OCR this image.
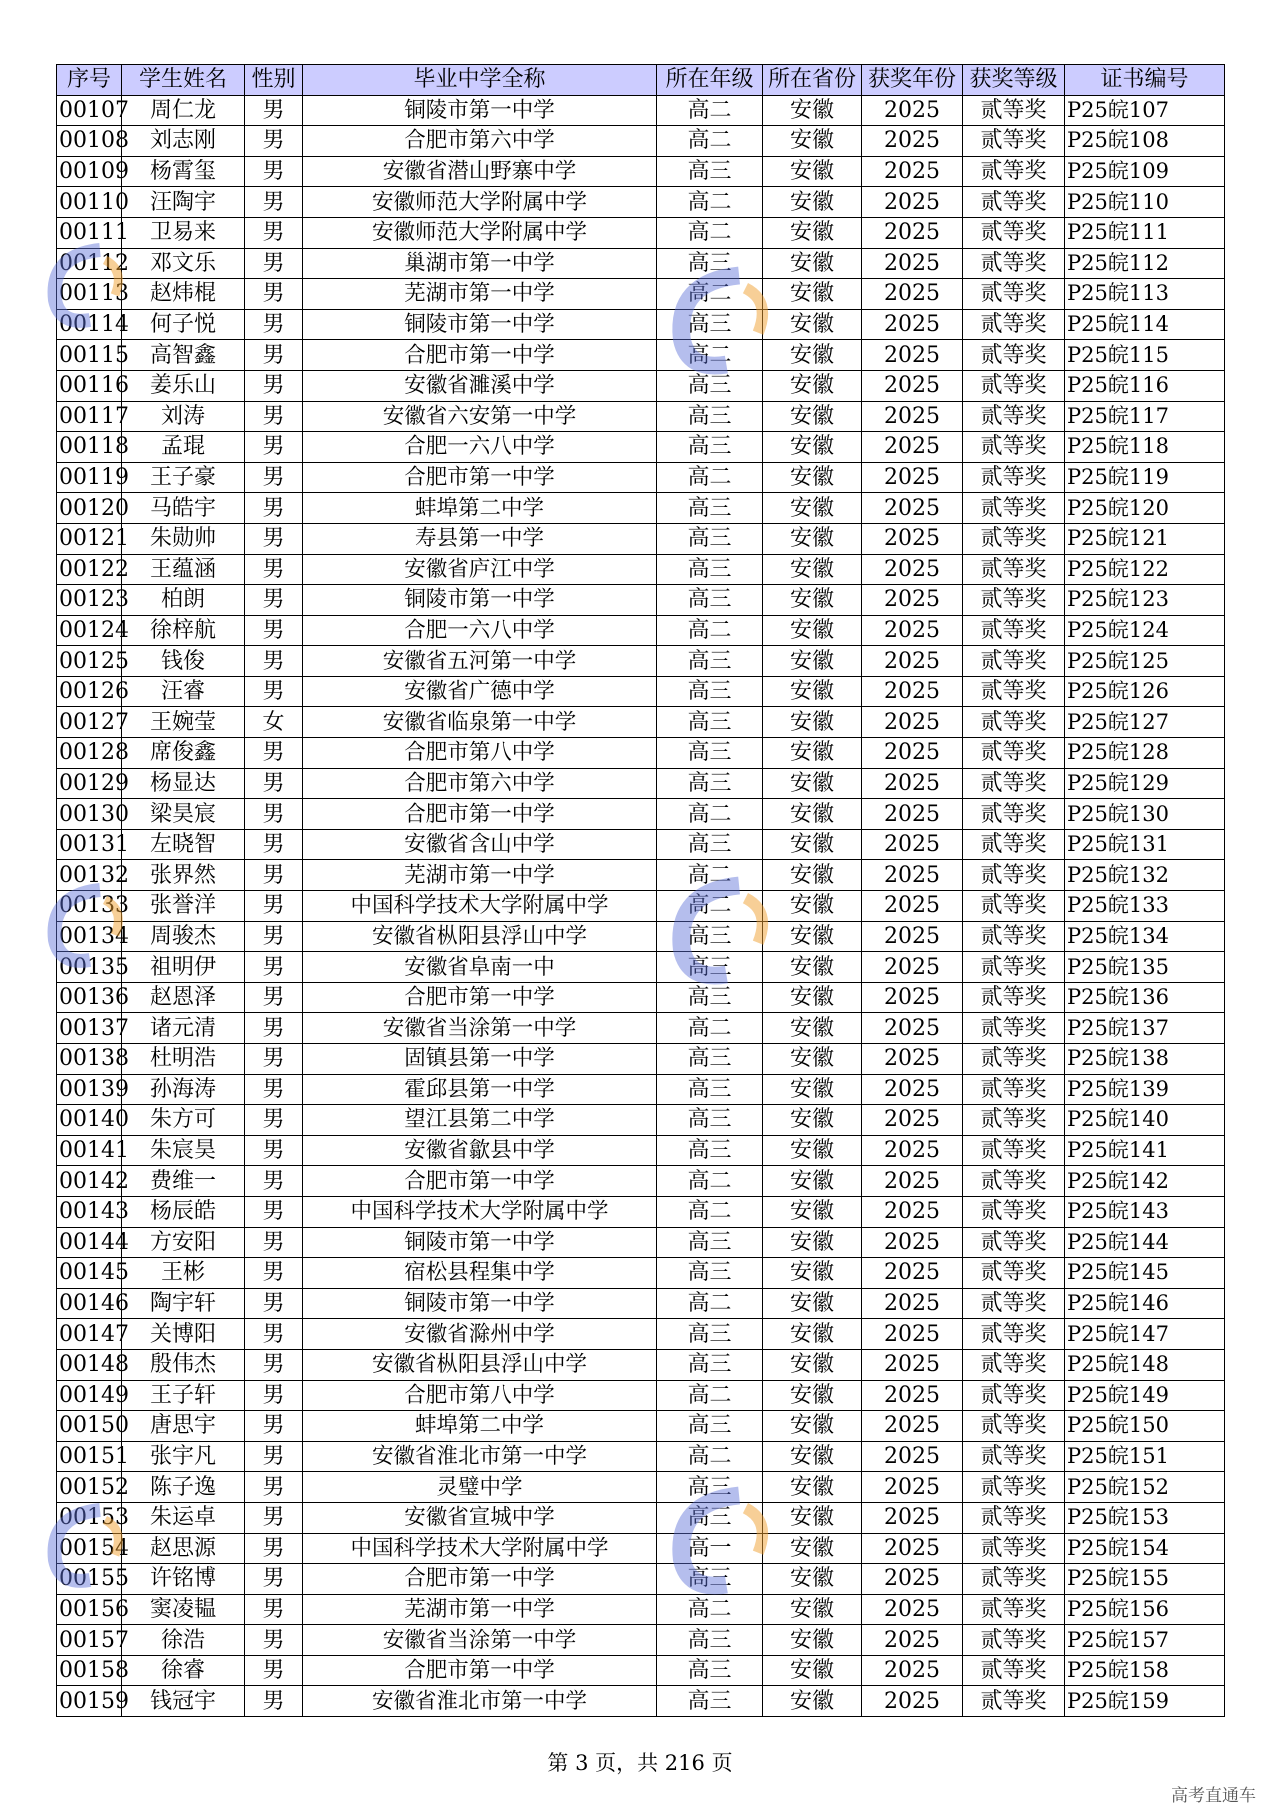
序号	学生姓名	性别	毕业中学全称	所在年级	所在省份	获奖年份	获奖等级	证书编号
00107	周仁龙	男	铜陵市第一中学	高二	安徽	2025	贰等奖	P25皖107
00108	刘志刚	男	合肥市第六中学	高二	安徽	2025	贰等奖	P25皖108
00109	杨霄玺	男	安徽省潜山野寨中学	高三	安徽	2025	贰等奖	P25皖109
00110	汪陶宇	男	安徽师范大学附属中学	高二	安徽	2025	贰等奖	P25皖110
00111	卫易来	男	安徽师范大学附属中学	高二	安徽	2025	贰等奖	P25皖111
00112	邓文乐	男	巢湖市第一中学	高三	安徽	2025	贰等奖	P25皖112
00113	赵炜棍	男	芜湖市第一中学	高二	安徽	2025	贰等奖	P25皖113
00114	何子悦	男	铜陵市第一中学	高三	安徽	2025	贰等奖	P25皖114
00115	高智鑫	男	合肥市第一中学	高二	安徽	2025	贰等奖	P25皖115
00116	姜乐山	男	安徽省濉溪中学	高三	安徽	2025	贰等奖	P25皖116
00117	刘涛	男	安徽省六安第一中学	高三	安徽	2025	贰等奖	P25皖117
00118	孟琨	男	合肥一六八中学	高三	安徽	2025	贰等奖	P25皖118
00119	王子豪	男	合肥市第一中学	高二	安徽	2025	贰等奖	P25皖119
00120	马皓宇	男	蚌埠第二中学	高三	安徽	2025	贰等奖	P25皖120
00121	朱勋帅	男	寿县第一中学	高三	安徽	2025	贰等奖	P25皖121
00122	王蕴涵	男	安徽省庐江中学	高三	安徽	2025	贰等奖	P25皖122
00123	柏朗	男	铜陵市第一中学	高三	安徽	2025	贰等奖	P25皖123
00124	徐梓航	男	合肥一六八中学	高二	安徽	2025	贰等奖	P25皖124
00125	钱俊	男	安徽省五河第一中学	高三	安徽	2025	贰等奖	P25皖125
00126	汪睿	男	安徽省广德中学	高三	安徽	2025	贰等奖	P25皖126
00127	王婉莹	女	安徽省临泉第一中学	高三	安徽	2025	贰等奖	P25皖127
00128	席俊鑫	男	合肥市第八中学	高三	安徽	2025	贰等奖	P25皖128
00129	杨显达	男	合肥市第六中学	高三	安徽	2025	贰等奖	P25皖129
00130	梁昊宸	男	合肥市第一中学	高二	安徽	2025	贰等奖	P25皖130
00131	左晓智	男	安徽省含山中学	高三	安徽	2025	贰等奖	P25皖131
00132	张界然	男	芜湖市第一中学	高二	安徽	2025	贰等奖	P25皖132
00133	张誉洋	男	中国科学技术大学附属中学	高二	安徽	2025	贰等奖	P25皖133
00134	周骏杰	男	安徽省枞阳县浮山中学	高三	安徽	2025	贰等奖	P25皖134
00135	祖明伊	男	安徽省阜南一中	高三	安徽	2025	贰等奖	P25皖135
00136	赵恩泽	男	合肥市第一中学	高三	安徽	2025	贰等奖	P25皖136
00137	诸元清	男	安徽省当涂第一中学	高二	安徽	2025	贰等奖	P25皖137
00138	杜明浩	男	固镇县第一中学	高三	安徽	2025	贰等奖	P25皖138
00139	孙海涛	男	霍邱县第一中学	高三	安徽	2025	贰等奖	P25皖139
00140	朱方可	男	望江县第二中学	高三	安徽	2025	贰等奖	P25皖140
00141	朱宸昊	男	安徽省歙县中学	高三	安徽	2025	贰等奖	P25皖141
00142	费维一	男	合肥市第一中学	高二	安徽	2025	贰等奖	P25皖142
00143	杨辰皓	男	中国科学技术大学附属中学	高二	安徽	2025	贰等奖	P25皖143
00144	方安阳	男	铜陵市第一中学	高三	安徽	2025	贰等奖	P25皖144
00145	王彬	男	宿松县程集中学	高三	安徽	2025	贰等奖	P25皖145
00146	陶宇轩	男	铜陵市第一中学	高二	安徽	2025	贰等奖	P25皖146
00147	关博阳	男	安徽省滁州中学	高三	安徽	2025	贰等奖	P25皖147
00148	殷伟杰	男	安徽省枞阳县浮山中学	高三	安徽	2025	贰等奖	P25皖148
00149	王子轩	男	合肥市第八中学	高二	安徽	2025	贰等奖	P25皖149
00150	唐思宇	男	蚌埠第二中学	高三	安徽	2025	贰等奖	P25皖150
00151	张宇凡	男	安徽省淮北市第一中学	高二	安徽	2025	贰等奖	P25皖151
00152	陈子逸	男	灵璧中学	高三	安徽	2025	贰等奖	P25皖152
00153	朱运卓	男	安徽省宣城中学	高三	安徽	2025	贰等奖	P25皖153
00154	赵思源	男	中国科学技术大学附属中学	高一	安徽	2025	贰等奖	P25皖154
00155	许铭博	男	合肥市第一中学	高三	安徽	2025	贰等奖	P25皖155
00156	窦凌韫	男	芜湖市第一中学	高二	安徽	2025	贰等奖	P25皖156
00157	徐浩	男	安徽省当涂第一中学	高三	安徽	2025	贰等奖	P25皖157
00158	徐睿	男	合肥市第一中学	高三	安徽	2025	贰等奖	P25皖158
00159	钱冠宇	男	安徽省淮北市第一中学	高三	安徽	2025	贰等奖	P25皖159
第 3 页，共 216 页
高考直通车
